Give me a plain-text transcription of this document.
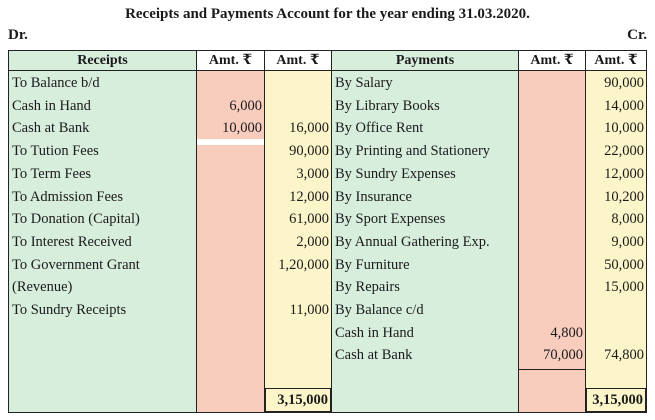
Receipts and Payments Account for the year ending 31.03.2020.
Dr.	Cr.
Receipts
To Balance b/d
Cash in Hand
Cash at Bank
To Tution Fees
To Term Fees
To Admission Fees
To Donation (Capital)
To Interest Received
To Government Grant
(Revenue)
To Sundry Receipts
Amt. ₹
6,000
10,000
Amt. ₹
3,15,000
16,000
90,000
3,000
12,000
61,000
2,000
1,20,000
11,000
Payments
By Salary
By Library Books
By Office Rent
By Printing and Stationery
By Sundry Expenses
By Insurance
By Sport Expenses
By Annual Gathering Exp.
By Furniture
By Repairs
By Balance c/d
Cash in Hand
Cash at Bank
Amt. ₹
4,800
70,000
Amt. ₹
3,15,000
90,000
14,000
10,000
22,000
12,000
10,200
8,000
9,000
50,000
15,000
74,800
